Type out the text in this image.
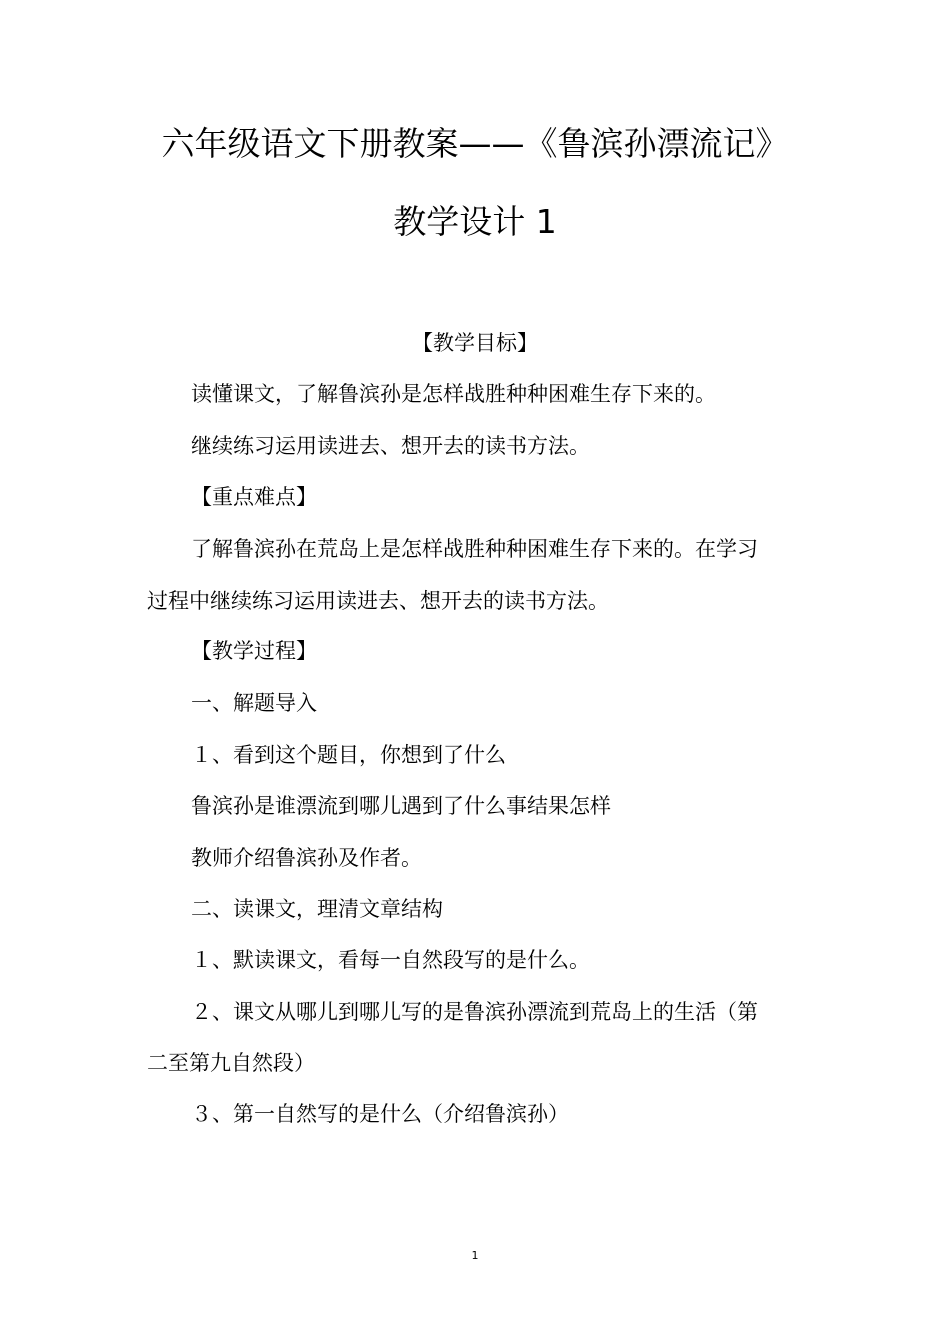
六年级语文下册教案——《鲁滨孙漂流记》
教学设计 1
【教学目标】
读懂课文，了解鲁滨孙是怎样战胜种种困难生存下来的。
继续练习运用读进去、想开去的读书方法。
【重点难点】
了解鲁滨孙在荒岛上是怎样战胜种种困难生存下来的。在学习
过程中继续练习运用读进去、想开去的读书方法。
【教学过程】
一、解题导入
１、看到这个题目，你想到了什么
鲁滨孙是谁漂流到哪儿遇到了什么事结果怎样
教师介绍鲁滨孙及作者。
二、读课文，理清文章结构
１、默读课文，看每一自然段写的是什么。
２、课文从哪儿到哪儿写的是鲁滨孙漂流到荒岛上的生活（第
二至第九自然段）
３、第一自然写的是什么（介绍鲁滨孙）
1
